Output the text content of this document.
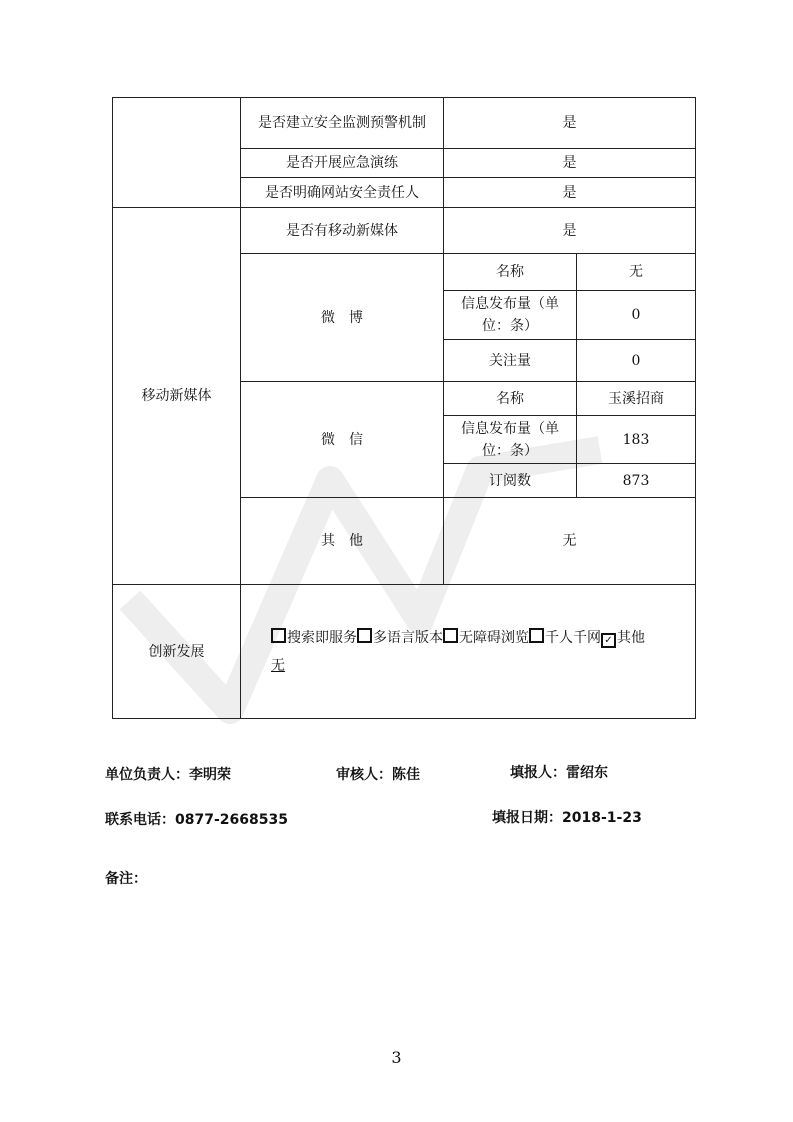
	是否建立安全监测预警机制	是	
	是否开展应急演练	是	
	是否明确网站安全责任人	是	
移动新媒体	是否有移动新媒体	是	
	微　博	名称	无
		信息发布量（单位：条）	0
		关注量	0
	微　信	名称	玉溪招商
		信息发布量（单位：条）	183
		订阅数	873
	其　他	无	
创新发展	搜索即服务 多语言版本 无障碍浏览 千人千网 ✓ 其他
无		
单位负责人：李明荣	审核人：陈佳	填报人：雷绍东
联系电话：0877-2668535	填报日期：2018-1-23
备注：
3
